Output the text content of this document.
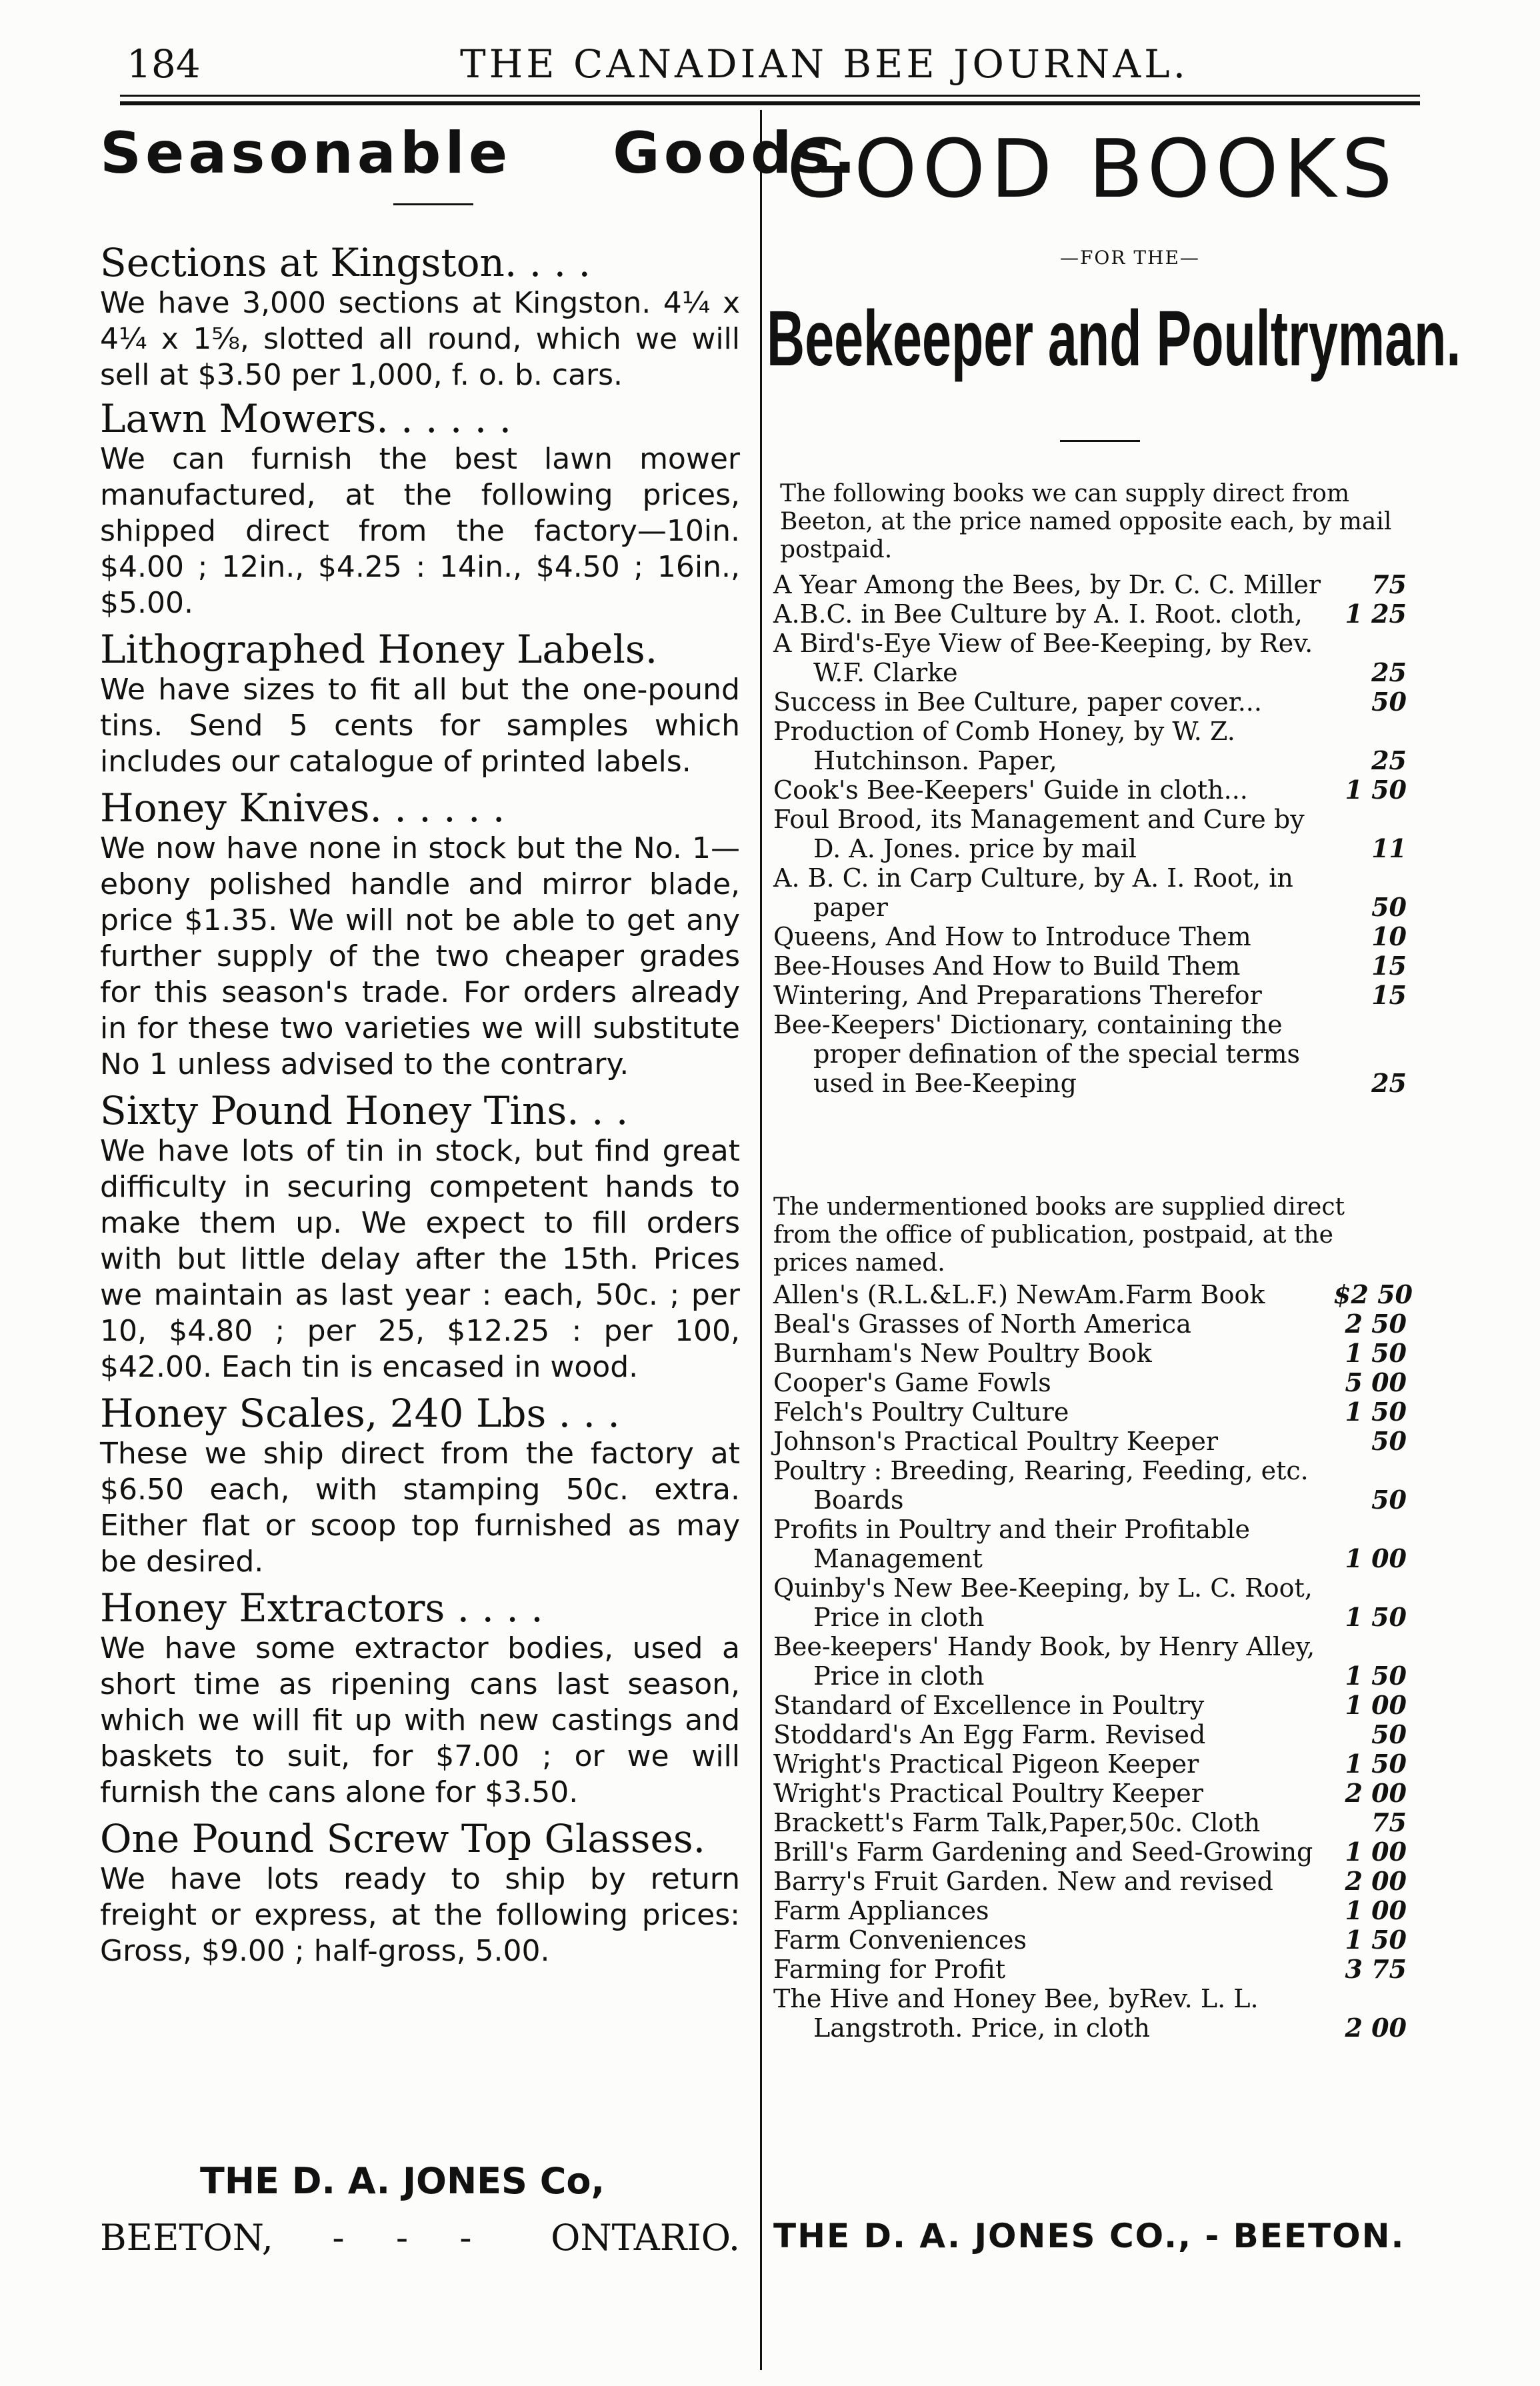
184	THE CANADIAN BEE JOURNAL.
Seasonable Goods.
Sections at Kingston. . . .
We have 3,000 sections at Kingston. 4¼ x 4¼ x 1⅝, slotted all round, which we will sell at $3.50 per 1,000, f. o. b. cars.
Lawn Mowers. . . . . .
We can furnish the best lawn mower manufactured, at the following prices, shipped direct from the factory—10in. $4.00 ; 12in., $4.25 : 14in., $4.50 ; 16in., $5.00.
Lithographed Honey Labels.
We have sizes to fit all but the one-pound tins. Send 5 cents for samples which includes our catalogue of printed labels.
Honey Knives. . . . . .
We now have none in stock but the No. 1—ebony polished handle and mirror blade, price $1.35. We will not be able to get any further supply of the two cheaper grades for this season's trade. For orders already in for these two varieties we will substitute No 1 unless advised to the contrary.
Sixty Pound Honey Tins. . .
We have lots of tin in stock, but find great difficulty in securing competent hands to make them up. We expect to fill orders with but little delay after the 15th. Prices we maintain as last year : each, 50c. ; per 10, $4.80 ; per 25, $12.25 : per 100, $42.00. Each tin is encased in wood.
Honey Scales, 240 Lbs . . .
These we ship direct from the factory at $6.50 each, with stamping 50c. extra. Either flat or scoop top furnished as may be desired.
Honey Extractors . . . .
We have some extractor bodies, used a short time as ripening cans last season, which we will fit up with new castings and baskets to suit, for $7.00 ; or we will furnish the cans alone for $3.50.
One Pound Screw Top Glasses.
We have lots ready to ship by return freight or express, at the following prices: Gross, $9.00 ; half-gross, 5.00.
THE D. A. JONES Co,
BEETON, - - - ONTARIO.
GOOD BOOKS
—FOR THE—
Beekeeper and Poultryman.
The following books we can supply direct from Beeton, at the price named opposite each, by mail postpaid.
A Year Among the Bees, by Dr. C. C. Miller	75
A.B.C. in Bee Culture by A. I. Root. cloth,	1 25
A Bird's-Eye View of Bee-Keeping, by Rev. W.F. Clarke	25
Success in Bee Culture, paper cover...	50
Production of Comb Honey, by W. Z. Hutchinson. Paper,	25
Cook's Bee-Keepers' Guide in cloth...	1 50
Foul Brood, its Management and Cure by D. A. Jones. price by mail	11
A. B. C. in Carp Culture, by A. I. Root, in paper	50
Queens, And How to Introduce Them	10
Bee-Houses And How to Build Them	15
Wintering, And Preparations Therefor	15
Bee-Keepers' Dictionary, containing the proper defination of the special terms used in Bee-Keeping	25
The undermentioned books are supplied direct from the office of publication, postpaid, at the prices named.
Allen's (R.L.&L.F.) NewAm.Farm Book	$2 50
Beal's Grasses of North America	2 50
Burnham's New Poultry Book	1 50
Cooper's Game Fowls	5 00
Felch's Poultry Culture	1 50
Johnson's Practical Poultry Keeper	50
Poultry : Breeding, Rearing, Feeding, etc. Boards	50
Profits in Poultry and their Profitable Management	1 00
Quinby's New Bee-Keeping, by L. C. Root, Price in cloth	1 50
Bee-keepers' Handy Book, by Henry Alley, Price in cloth	1 50
Standard of Excellence in Poultry	1 00
Stoddard's An Egg Farm. Revised	50
Wright's Practical Pigeon Keeper	1 50
Wright's Practical Poultry Keeper	2 00
Brackett's Farm Talk,Paper,50c. Cloth	75
Brill's Farm Gardening and Seed-Growing	1 00
Barry's Fruit Garden. New and revised	2 00
Farm Appliances	1 00
Farm Conveniences	1 50
Farming for Profit	3 75
The Hive and Honey Bee, byRev. L. L. Langstroth. Price, in cloth	2 00
THE D. A. JONES CO., - BEETON.
